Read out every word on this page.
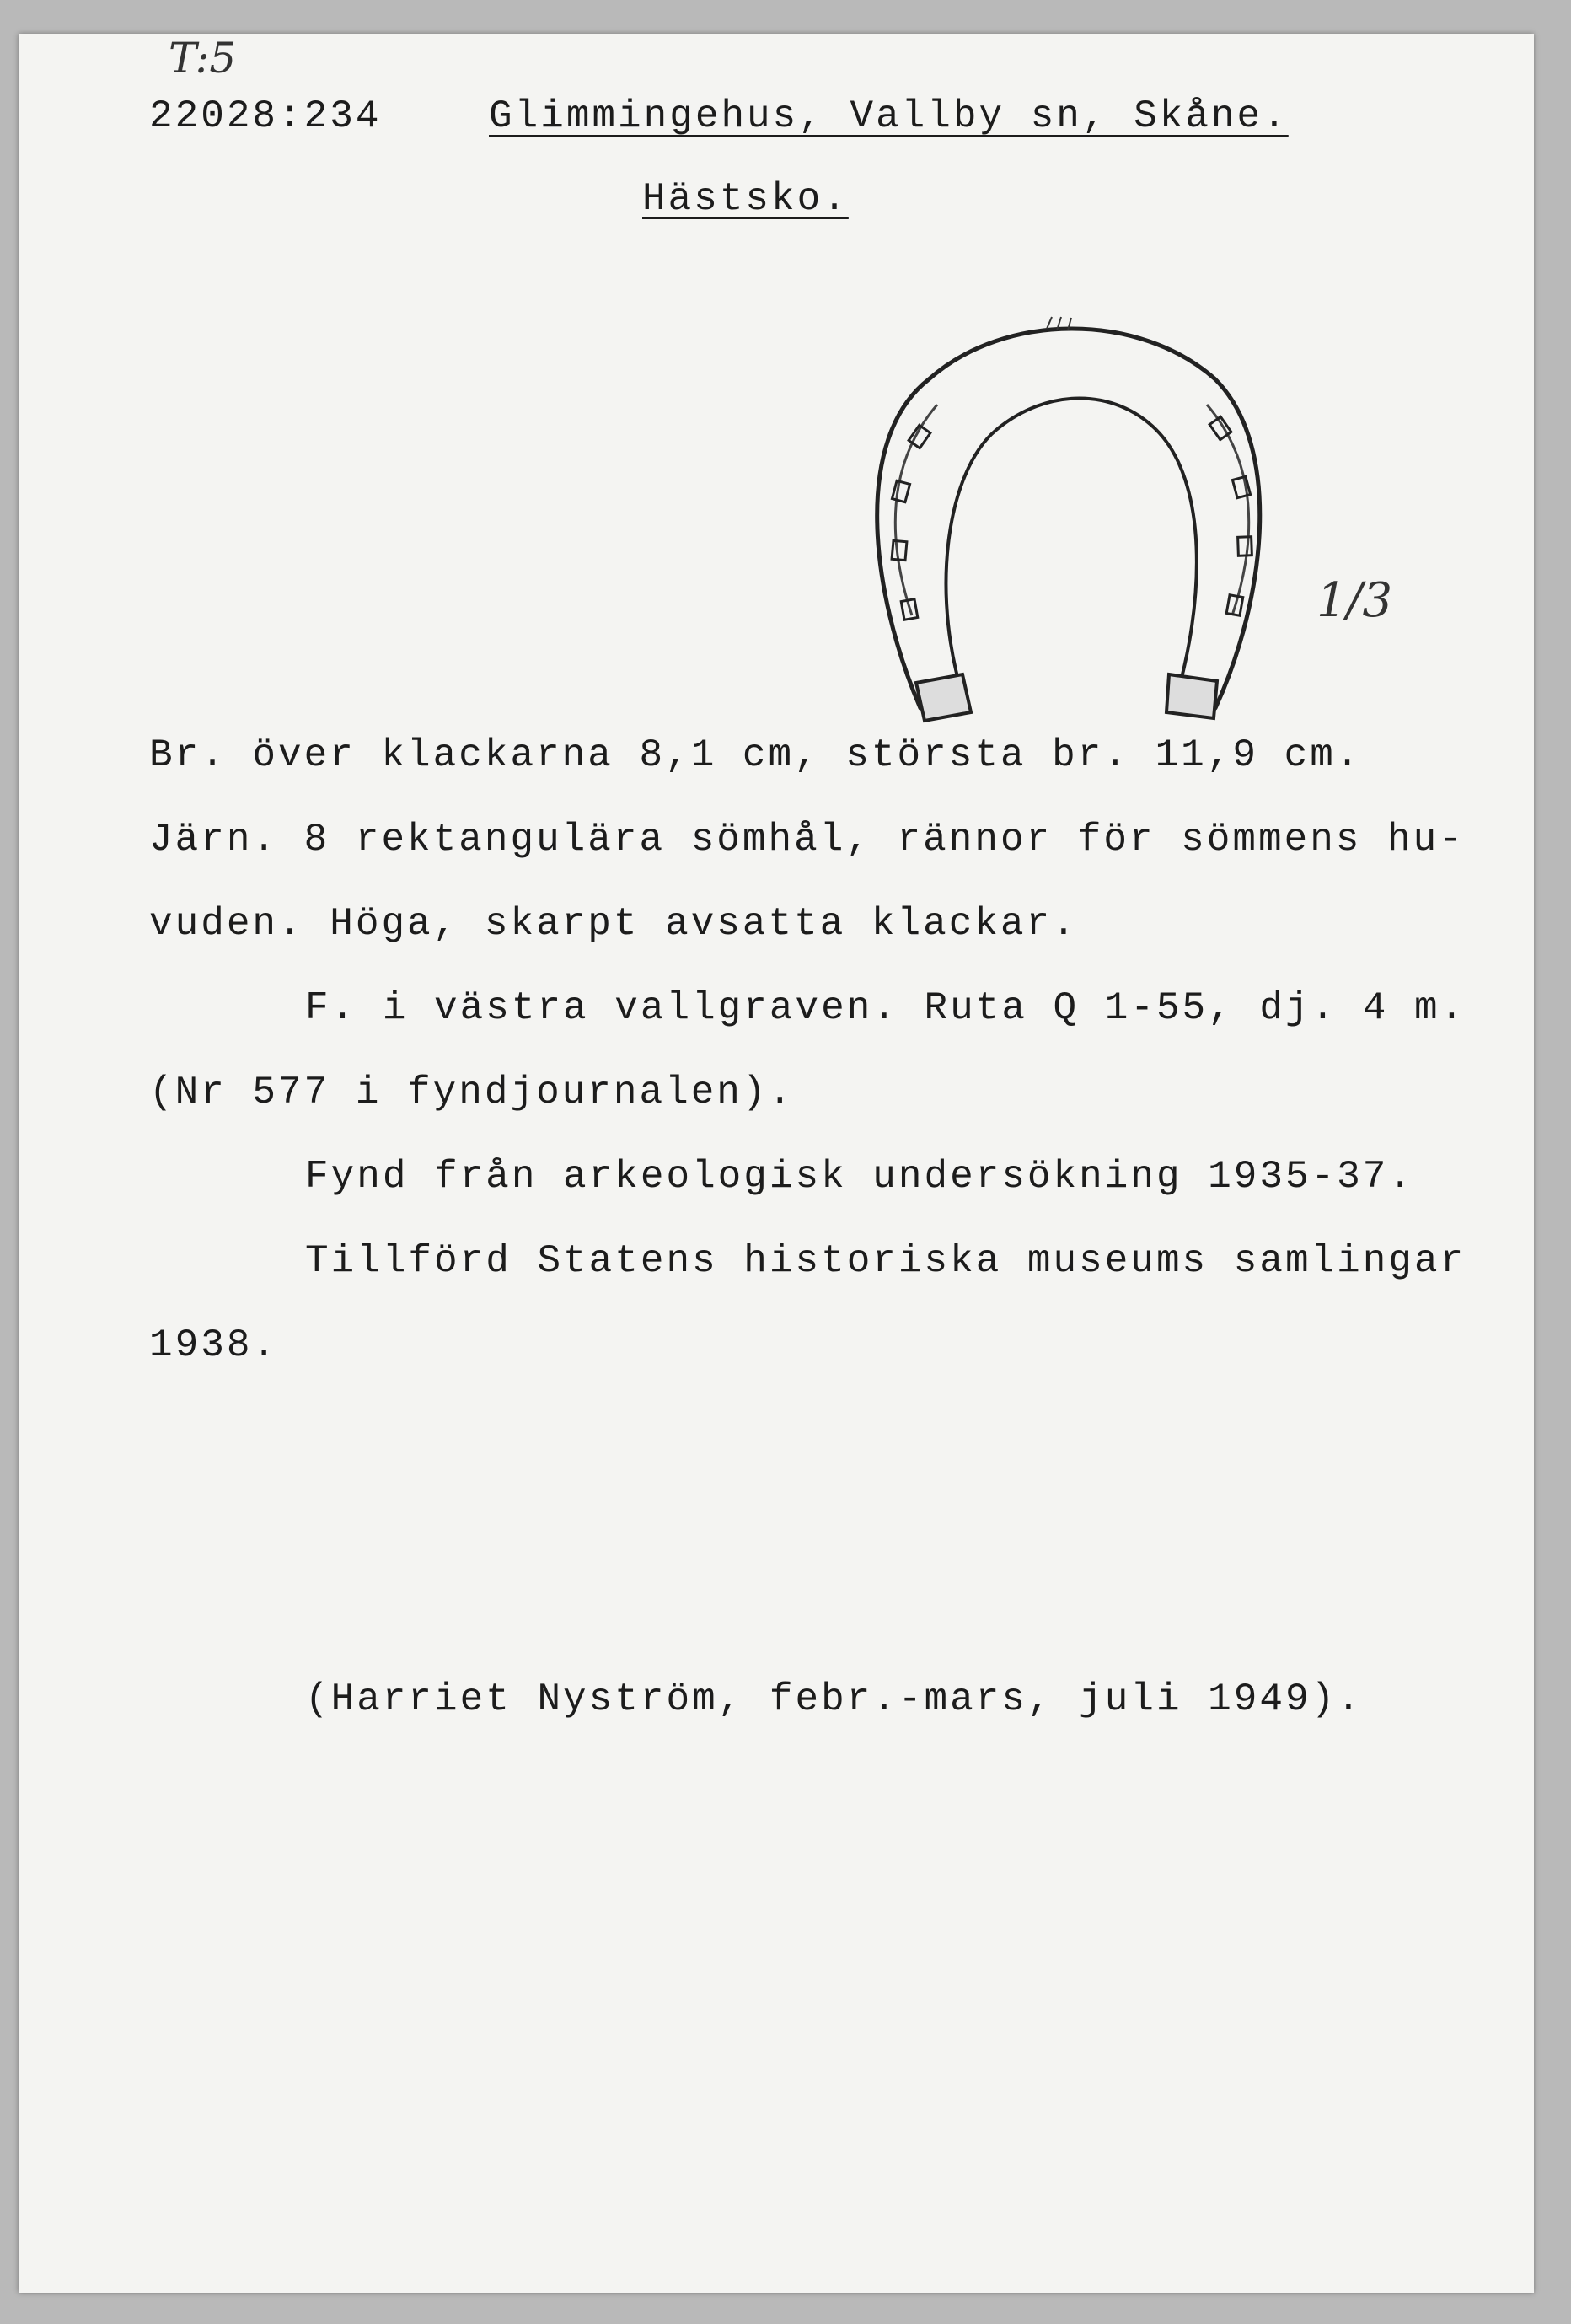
T:5
22028:234	Glimmingehus, Vallby sn, Skåne.
Hästsko.
1/3
Br. över klackarna 8,1 cm, största br. 11,9 cm.
Järn. 8 rektangulära sömhål, rännor för sömmens hu-
vuden. Höga, skarpt avsatta klackar.
F. i västra vallgraven. Ruta Q 1-55, dj. 4 m.
(Nr 577 i fyndjournalen).
Fynd från arkeologisk undersökning 1935-37.
Tillförd Statens historiska museums samlingar
1938.
(Harriet Nyström, febr.-mars, juli 1949).
